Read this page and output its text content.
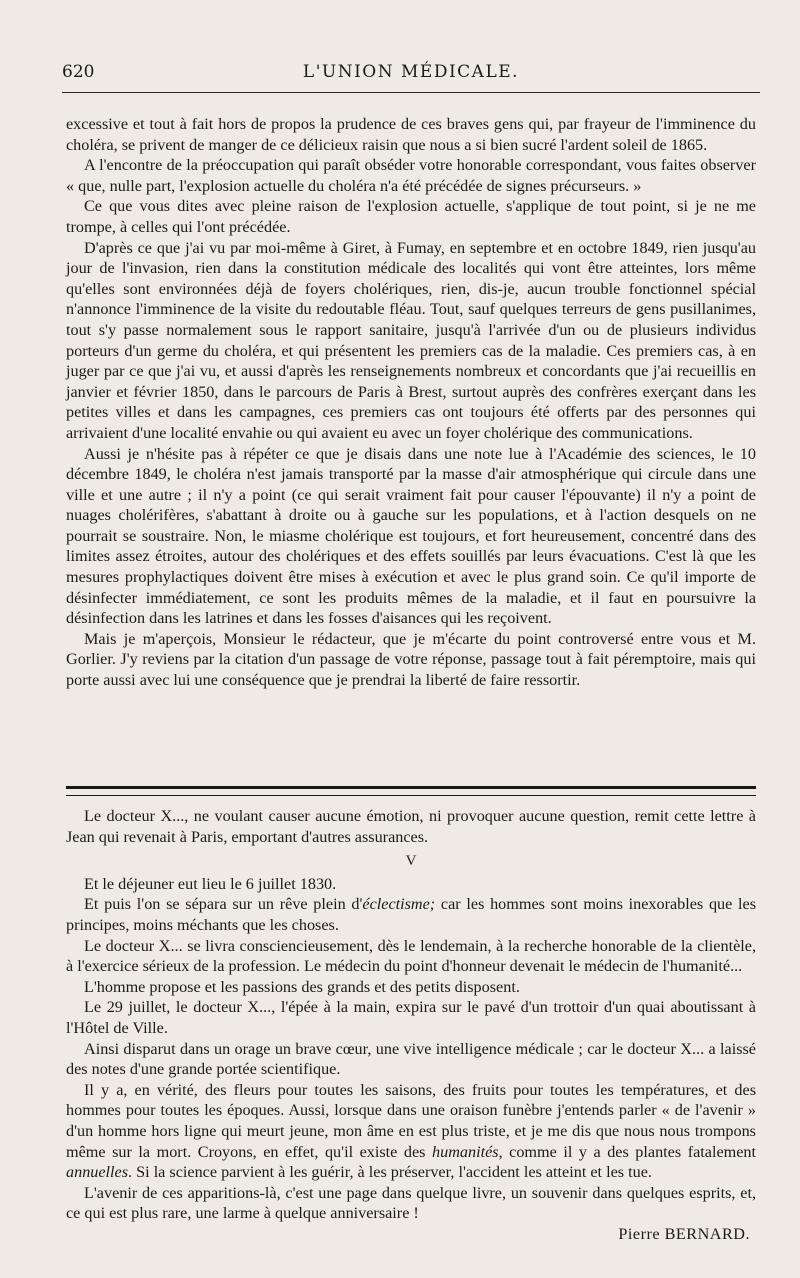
620	L'UNION MÉDICALE.

excessive et tout à fait hors de propos la prudence de ces braves gens qui, par frayeur de l'imminence du choléra, se privent de manger de ce délicieux raisin que nous a si bien sucré l'ardent soleil de 1865.

A l'encontre de la préoccupation qui paraît obséder votre honorable correspondant, vous faites observer « que, nulle part, l'explosion actuelle du choléra n'a été précédée de signes précurseurs. »

Ce que vous dites avec pleine raison de l'explosion actuelle, s'applique de tout point, si je ne me trompe, à celles qui l'ont précédée.

D'après ce que j'ai vu par moi-même à Giret, à Fumay, en septembre et en octobre 1849, rien jusqu'au jour de l'invasion, rien dans la constitution médicale des localités qui vont être atteintes, lors même qu'elles sont environnées déjà de foyers cholériques, rien, dis-je, aucun trouble fonctionnel spécial n'annonce l'imminence de la visite du redoutable fléau. Tout, sauf quelques terreurs de gens pusillanimes, tout s'y passe normalement sous le rapport sanitaire, jusqu'à l'arrivée d'un ou de plusieurs individus porteurs d'un germe du choléra, et qui présentent les premiers cas de la maladie. Ces premiers cas, à en juger par ce que j'ai vu, et aussi d'après les renseignements nombreux et concordants que j'ai recueillis en janvier et février 1850, dans le parcours de Paris à Brest, surtout auprès des confrères exerçant dans les petites villes et dans les campagnes, ces premiers cas ont toujours été offerts par des personnes qui arrivaient d'une localité envahie ou qui avaient eu avec un foyer cholérique des communications.

Aussi je n'hésite pas à répéter ce que je disais dans une note lue à l'Académie des sciences, le 10 décembre 1849, le choléra n'est jamais transporté par la masse d'air atmosphérique qui circule dans une ville et une autre ; il n'y a point (ce qui serait vraiment fait pour causer l'épouvante) il n'y a point de nuages cholérifères, s'abattant à droite ou à gauche sur les populations, et à l'action desquels on ne pourrait se soustraire. Non, le miasme cholérique est toujours, et fort heureusement, concentré dans des limites assez étroites, autour des cholériques et des effets souillés par leurs évacuations. C'est là que les mesures prophylactiques doivent être mises à exécution et avec le plus grand soin. Ce qu'il importe de désinfecter immédiatement, ce sont les produits mêmes de la maladie, et il faut en poursuivre la désinfection dans les latrines et dans les fosses d'aisances qui les reçoivent.

Mais je m'aperçois, Monsieur le rédacteur, que je m'écarte du point controversé entre vous et M. Gorlier. J'y reviens par la citation d'un passage de votre réponse, passage tout à fait péremptoire, mais qui porte aussi avec lui une conséquence que je prendrai la liberté de faire ressortir.

Le docteur X..., ne voulant causer aucune émotion, ni provoquer aucune question, remit cette lettre à Jean qui revenait à Paris, emportant d'autres assurances.

V

Et le déjeuner eut lieu le 6 juillet 1830.

Et puis l'on se sépara sur un rêve plein d'éclectisme; car les hommes sont moins inexorables que les principes, moins méchants que les choses.

Le docteur X... se livra consciencieusement, dès le lendemain, à la recherche honorable de la clientèle, à l'exercice sérieux de la profession. Le médecin du point d'honneur devenait le médecin de l'humanité...

L'homme propose et les passions des grands et des petits disposent.

Le 29 juillet, le docteur X..., l'épée à la main, expira sur le pavé d'un trottoir d'un quai aboutissant à l'Hôtel de Ville.

Ainsi disparut dans un orage un brave cœur, une vive intelligence médicale ; car le docteur X... a laissé des notes d'une grande portée scientifique.

Il y a, en vérité, des fleurs pour toutes les saisons, des fruits pour toutes les températures, et des hommes pour toutes les époques. Aussi, lorsque dans une oraison funèbre j'entends parler « de l'avenir » d'un homme hors ligne qui meurt jeune, mon âme en est plus triste, et je me dis que nous nous trompons même sur la mort. Croyons, en effet, qu'il existe des humanités, comme il y a des plantes fatalement annuelles. Si la science parvient à les guérir, à les préserver, l'accident les atteint et les tue.

L'avenir de ces apparitions-là, c'est une page dans quelque livre, un souvenir dans quelques esprits, et, ce qui est plus rare, une larme à quelque anniversaire !

Pierre BERNARD.
